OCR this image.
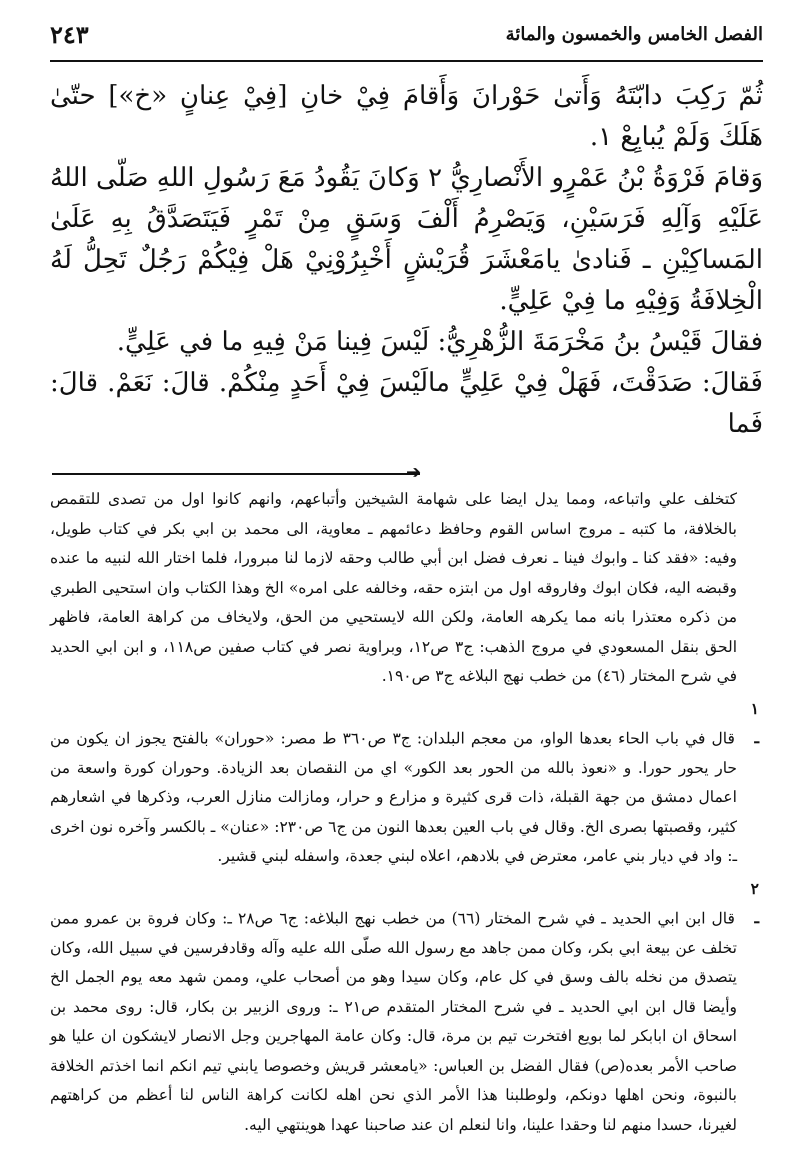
الفصل الخامس والخمسون والمائة
٢٤٣

ثُمّ رَكِبَ دابّتَهُ وَأَتىٰ حَوْرانَ وَأَقامَ فِيْ خانِ [فِيْ عِنانٍ «خ»] حتّىٰ هَلَكَ وَلَمْ يُبايِعْ ١.

وَقامَ فَرْوَةُ بْنُ عَمْرٍو الأَنْصارِيُّ ٢ وَكانَ يَقُودُ مَعَ رَسُولِ اللهِ صَلّى اللهُ عَلَيْهِ وَآلِهِ فَرَسَيْنِ، وَيَصْرِمُ أَلْفَ وَسَقٍ مِنْ تَمْرٍ فَيَتَصَدَّقُ بِهِ عَلَىٰ المَساكِيْنِ ـ فَنادىٰ يامَعْشَرَ قُرَيْشٍ أَخْبِرُوْنِيْ هَلْ فِيْكُمْ رَجُلٌ تَحِلُّ لَهُ الْخِلافَةُ وَفِيْهِ ما فِيْ عَلِيٍّ.

فقالَ قَيْسُ بنُ مَخْرَمَةَ الزُّهْرِيُّ: لَيْسَ فِينا مَنْ فِيهِ ما في عَلِيٍّ.

فَقالَ: صَدَقْتَ، فَهَلْ فِيْ عَلِيٍّ مالَيْسَ فِيْ أَحَدٍ مِنْكُمْ. قالَ: نَعَمْ. قالَ: فَما

➔

كتخلف علي واتباعه، ومما يدل ايضا على شهامة الشيخين وأتباعهم، وانهم كانوا اول من تصدى للتقمص بالخلافة، ما كتبه ـ مروج اساس القوم وحافظ دعائمهم ـ معاوية، الى محمد بن ابي بكر في كتاب طويل، وفيه: «فقد كنا ـ وابوك فينا ـ نعرف فضل ابن أبي طالب وحقه لازما لنا مبرورا، فلما اختار الله لنبيه ما عنده وقبضه اليه، فكان ابوك وفاروقه اول من ابتزه حقه، وخالفه على امره» الخ وهذا الكتاب وان استحيى الطبري من ذكره معتذرا بانه مما يكرهه العامة، ولكن الله لايستحيي من الحق، ولايخاف من كراهة العامة، فاظهر الحق بنقل المسعودي في مروج الذهب: ج٣ ص١٢، وبراوية نصر في كتاب صفين ص١١٨، و ابن ابي الحديد في شرح المختار (٤٦) من خطب نهج البلاغه ج٣ ص١٩٠.

١ ـ قال في باب الحاء بعدها الواو، من معجم البلدان: ج٣ ص٣٦٠ ط مصر: «حوران» بالفتح يجوز ان يكون من حار يحور حورا. و «نعوذ بالله من الحور بعد الكور» اي من النقصان بعد الزيادة. وحوران كورة واسعة من اعمال دمشق من جهة القبلة، ذات قرى كثيرة و مزارع و حرار، ومازالت منازل العرب، وذكرها في اشعارهم كثير، وقصبتها بصرى الخ. وقال في باب العين بعدها النون من ج٦ ص٢٣٠: «عنان» ـ بالكسر وآخره نون اخرى ـ: واد في ديار بني عامر، معترض في بلادهم، اعلاه لبني جعدة، واسفله لبني قشير.

٢ ـ قال ابن ابي الحديد ـ في شرح المختار (٦٦) من خطب نهج البلاغه: ج٦ ص٢٨ ـ: وكان فروة بن عمرو ممن تخلف عن بيعة ابي بكر، وكان ممن جاهد مع رسول الله صلّى الله عليه وآله وقادفرسين في سبيل الله، وكان يتصدق من نخله بالف وسق في كل عام، وكان سيدا وهو من أصحاب علي، وممن شهد معه يوم الجمل الخ وأيضا قال ابن ابي الحديد ـ في شرح المختار المتقدم ص٢١ ـ: وروى الزبير بن بكار، قال: روى محمد بن اسحاق ان ابابكر لما بويع افتخرت تيم بن مرة، قال: وكان عامة المهاجرين وجل الانصار لايشكون ان عليا هو صاحب الأمر بعده(ص) فقال الفضل بن العباس: «يامعشر قريش وخصوصا يابني تيم انكم انما اخذتم الخلافة بالنبوة، ونحن اهلها دونكم، ولوطلبنا هذا الأمر الذي نحن اهله لكانت كراهة الناس لنا أعظم من كراهتهم لغيرنا، حسدا منهم لنا وحقدا علينا، وانا لنعلم ان عند صاحبنا عهدا هوينتهي اليه.
